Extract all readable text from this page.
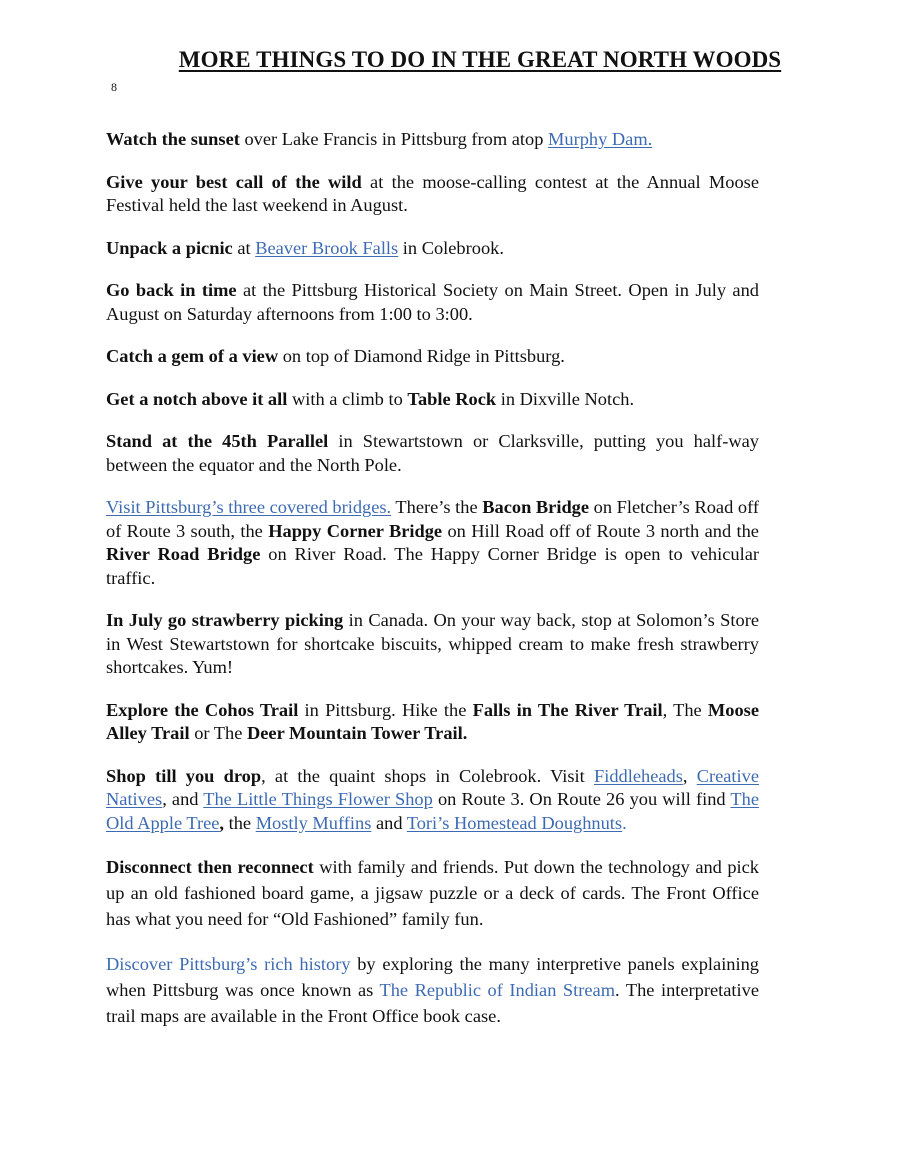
MORE THINGS TO DO IN THE GREAT NORTH WOODS
8

Watch the sunset over Lake Francis in Pittsburg from atop Murphy Dam.

Give your best call of the wild at the moose-calling contest at the Annual Moose Festival held the last weekend in August.

Unpack a picnic at Beaver Brook Falls in Colebrook.

Go back in time at the Pittsburg Historical Society on Main Street. Open in July and August on Saturday afternoons from 1:00 to 3:00.

Catch a gem of a view on top of Diamond Ridge in Pittsburg.

Get a notch above it all with a climb to Table Rock in Dixville Notch.

Stand at the 45th Parallel in Stewartstown or Clarksville, putting you half-way between the equator and the North Pole.

Visit Pittsburg’s three covered bridges. There’s the Bacon Bridge on Fletcher’s Road off of Route 3 south, the Happy Corner Bridge on Hill Road off of Route 3 north and the River Road Bridge on River Road. The Happy Corner Bridge is open to vehicular traffic.

In July go strawberry picking in Canada. On your way back, stop at Solomon’s Store in West Stewartstown for shortcake biscuits, whipped cream to make fresh strawberry shortcakes. Yum!

Explore the Cohos Trail in Pittsburg. Hike the Falls in The River Trail, The Moose Alley Trail or The Deer Mountain Tower Trail.

Shop till you drop, at the quaint shops in Colebrook. Visit Fiddleheads, Creative Natives, and The Little Things Flower Shop on Route 3. On Route 26 you will find The Old Apple Tree, the Mostly Muffins and Tori’s Homestead Doughnuts.

Disconnect then reconnect with family and friends. Put down the technology and pick up an old fashioned board game, a jigsaw puzzle or a deck of cards. The Front Office has what you need for “Old Fashioned” family fun.

Discover Pittsburg’s rich history by exploring the many interpretive panels explaining when Pittsburg was once known as The Republic of Indian Stream. The interpretative trail maps are available in the Front Office book case.
